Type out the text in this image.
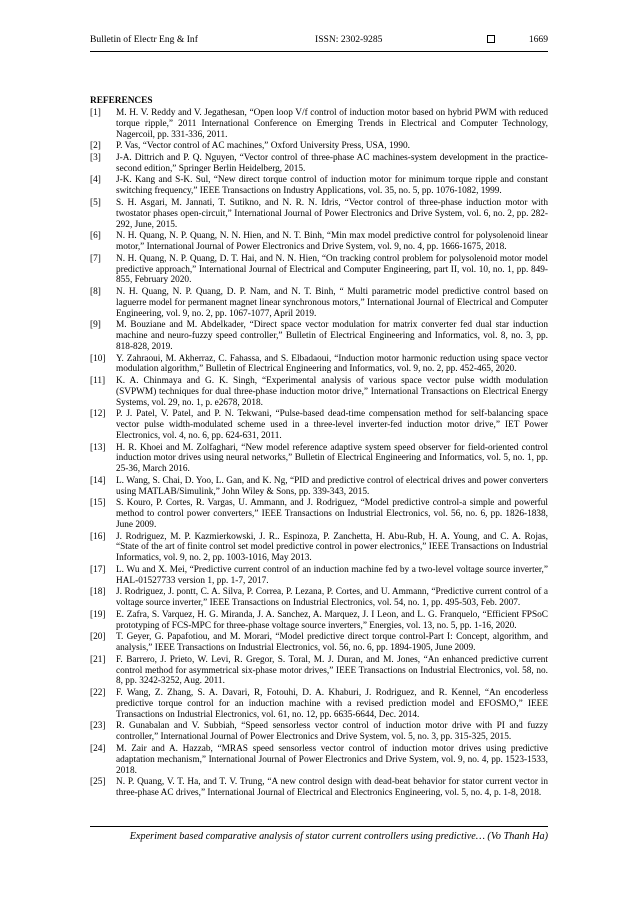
Bulletin of Electr Eng & Inf	ISSN: 2302-9285	1669
REFERENCES
[1]	M. H. V. Reddy and V. Jegathesan, “Open loop V/f control of induction motor based on hybrid PWM with reduced torque ripple,” 2011 International Conference on Emerging Trends in Electrical and Computer Technology, Nagercoil, pp. 331-336, 2011.
[2]	P. Vas, “Vector control of AC machines,” Oxford University Press, USA, 1990.
[3]	J-A. Dittrich and P. Q. Nguyen, “Vector control of three-phase AC machines-system development in the practice-second edition,” Springer Berlin Heidelberg, 2015.
[4]	J-K. Kang and S-K. Sul, “New direct torque control of induction motor for minimum torque ripple and constant switching frequency,” IEEE Transactions on Industry Applications, vol. 35, no. 5, pp. 1076-1082, 1999.
[5]	S. H. Asgari, M. Jannati, T. Sutikno, and N. R. N. Idris, “Vector control of three-phase induction motor with twostator phases open-circuit,” International Journal of Power Electronics and Drive System, vol. 6, no. 2, pp. 282-292, June, 2015.
[6]	N. H. Quang, N. P. Quang, N. N. Hien, and N. T. Binh, “Min max model predictive control for polysolenoid linear motor,” International Journal of Power Electronics and Drive System, vol. 9, no. 4, pp. 1666-1675, 2018.
[7]	N. H. Quang, N. P. Quang, D. T. Hai, and N. N. Hien, “On tracking control problem for polysolenoid motor model predictive approach,” International Journal of Electrical and Computer Engineering, part II, vol. 10, no. 1, pp. 849-855, February 2020.
[8]	N. H. Quang, N. P. Quang, D. P. Nam, and N. T. Binh, “ Multi parametric model predictive control based on laguerre model for permanent magnet linear synchronous motors,” International Journal of Electrical and Computer Engineering, vol. 9, no. 2, pp. 1067-1077, April 2019.
[9]	M. Bouziane and M. Abdelkader, “Direct space vector modulation for matrix converter fed dual star induction machine and neuro-fuzzy speed controller,” Bulletin of Electrical Engineering and Informatics, vol. 8, no. 3, pp. 818-828, 2019.
[10]	Y. Zahraoui, M. Akherraz, C. Fahassa, and S. Elbadaoui, “Induction motor harmonic reduction using space vector modulation algorithm,” Bulletin of Electrical Engineering and Informatics, vol. 9, no. 2, pp. 452-465, 2020.
[11]	K. A. Chinmaya and G. K. Singh, “Experimental analysis of various space vector pulse width modulation (SVPWM) techniques for dual three-phase induction motor drive,” International Transactions on Electrical Energy Systems, vol. 29, no. 1, p. e2678, 2018.
[12]	P. J. Patel, V. Patel, and P. N. Tekwani, “Pulse-based dead-time compensation method for self-balancing space vector pulse width-modulated scheme used in a three-level inverter-fed induction motor drive,” IET Power Electronics, vol. 4, no. 6, pp. 624-631, 2011.
[13]	H. R. Khoei and M. Zolfaghari, “New model reference adaptive system speed observer for field-oriented control induction motor drives using neural networks,” Bulletin of Electrical Engineering and Informatics, vol. 5, no. 1, pp. 25-36, March 2016.
[14]	L. Wang, S. Chai, D. Yoo, L. Gan, and K. Ng, “PID and predictive control of electrical drives and power converters using MATLAB/Simulink,” John Wiley & Sons, pp. 339-343, 2015.
[15]	S. Kouro, P. Cortes, R. Vargas, U. Ammann, and J. Rodriguez, “Model predictive control-a simple and powerful method to control power converters,” IEEE Transactions on Industrial Electronics, vol. 56, no. 6, pp. 1826-1838, June 2009.
[16]	J. Rodriguez, M. P. Kazmierkowski, J. R.. Espinoza, P. Zanchetta, H. Abu-Rub, H. A. Young, and C. A. Rojas, “State of the art of finite control set model predictive control in power electronics,” IEEE Transactions on Industrial Informatics, vol. 9, no. 2, pp. 1003-1016, May 2013.
[17]	L. Wu and X. Mei, “Predictive current control of an induction machine fed by a two-level voltage source inverter,” HAL-01527733 version 1, pp. 1-7, 2017.
[18]	J. Rodriguez, J. pontt, C. A. Silva, P. Correa, P. Lezana, P. Cortes, and U. Ammann, “Predictive current control of a voltage source inverter,” IEEE Transactions on Industrial Electronics, vol. 54, no. 1, pp. 495-503, Feb. 2007.
[19]	E. Zafra, S. Varquez, H. G. Miranda, J. A. Sanchez, A. Marquez, J. I Leon, and L. G. Franquelo, “Efficient FPSoC prototyping of FCS-MPC for three-phase voltage source inverters,” Energies, vol. 13, no. 5, pp. 1-16, 2020.
[20]	T. Geyer, G. Papafotiou, and M. Morari, “Model predictive direct torque control-Part I: Concept, algorithm, and analysis,” IEEE Transactions on Industrial Electronics, vol. 56, no. 6, pp. 1894-1905, June 2009.
[21]	F. Barrero, J. Prieto, W. Levi, R. Gregor, S. Toral, M. J. Duran, and M. Jones, “An enhanced predictive current control method for asymmetrical six-phase motor drives,” IEEE Transactions on Industrial Electronics, vol. 58, no. 8, pp. 3242-3252, Aug. 2011.
[22]	F. Wang, Z. Zhang, S. A. Davari, R, Fotouhi, D. A. Khaburi, J. Rodriguez, and R. Kennel, “An encoderless predictive torque control for an induction machine with a revised prediction model and EFOSMO,” IEEE Transactions on Industrial Electronics, vol. 61, no. 12, pp. 6635-6644, Dec. 2014.
[23]	R. Gunabalan and V. Subbiah, “Speed sensorless vector control of induction motor drive with PI and fuzzy controller,” International Journal of Power Electronics and Drive System, vol. 5, no. 3, pp. 315-325, 2015.
[24]	M. Zair and A. Hazzab, “MRAS speed sensorless vector control of induction motor drives using predictive adaptation mechanism,” International Journal of Power Electronics and Drive System, vol. 9, no. 4, pp. 1523-1533, 2018.
[25]	N. P. Quang, V. T. Ha, and T. V. Trung, “A new control design with dead-beat behavior for stator current vector in three-phase AC drives,” International Journal of Electrical and Electronics Engineering, vol. 5, no. 4, p. 1-8, 2018.
Experiment based comparative analysis of stator current controllers using predictive… (Vo Thanh Ha)
